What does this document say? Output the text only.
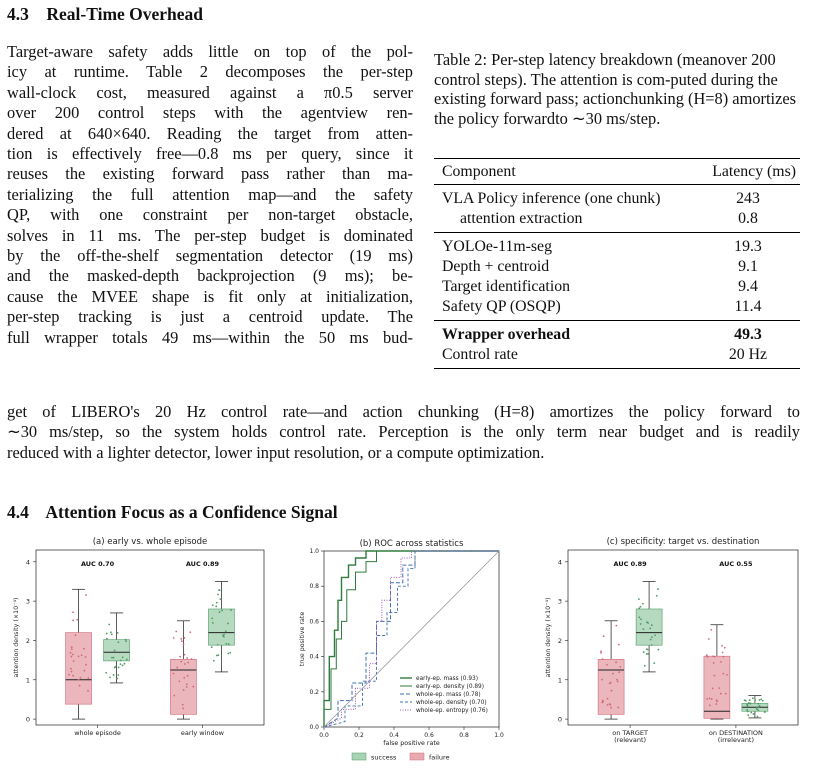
4.3 Real-Time Overhead
Target-aware safety adds little on top of the pol-
icy at runtime. Table 2 decomposes the per-step
wall-clock cost, measured against a π0.5 server
over 200 control steps with the agentview ren-
dered at 640×640. Reading the target from atten-
tion is effectively free—0.8 ms per query, since it
reuses the existing forward pass rather than ma-
terializing the full attention map—and the safety
QP, with one constraint per non-target obstacle,
solves in 11 ms. The per-step budget is dominated
by the off-the-shelf segmentation detector (19 ms)
and the masked-depth backprojection (9 ms); be-
cause the MVEE shape is fit only at initialization,
per-step tracking is just a centroid update. The
full wrapper totals 49 ms—within the 50 ms bud-
get of LIBERO's 20 Hz control rate—and action chunking (H=8) amortizes the policy forward to
∼30 ms/step, so the system holds control rate. Perception is the only term near budget and is readily
reduced with a lighter detector, lower input resolution, or a compute optimization.
Table 2: Per-step latency breakdown (meanover 200 control steps). The attention is com-puted during the existing forward pass; actionchunking (H=8) amortizes the policy forwardto ∼30 ms/step.
Component	Latency (ms)
VLA Policy inference (one chunk)	243
attention extraction	0.8
YOLOe-11m-seg	19.3
Depth + centroid	9.1
Target identification	9.4
Safety QP (OSQP)	11.4
Wrapper overhead	49.3
Control rate	20 Hz
4.4 Attention Focus as a Confidence Signal
(a) early vs. whole episode
0
1
2
3
4
attention density (×10⁻⁴)
whole episode
AUC 0.70
early window
AUC 0.89
(c) specificity: target vs. destination
0
1
2
3
4
attention density (×10⁻⁴)
on TARGET
(relevant)
AUC 0.89
on DESTINATION
(irrelevant)
AUC 0.55
(b) ROC across statistics
0.0	0.2	0.4	0.6	0.8	1.0
0.0
0.2
0.4
0.6
0.8
1.0
false positive rate
true positive rate
early-ep. mass (0.93)
early-ep. density (0.89)
whole-ep. mass (0.78)
whole-ep. density (0.70)
whole-ep. entropy (0.76)
success	failure
